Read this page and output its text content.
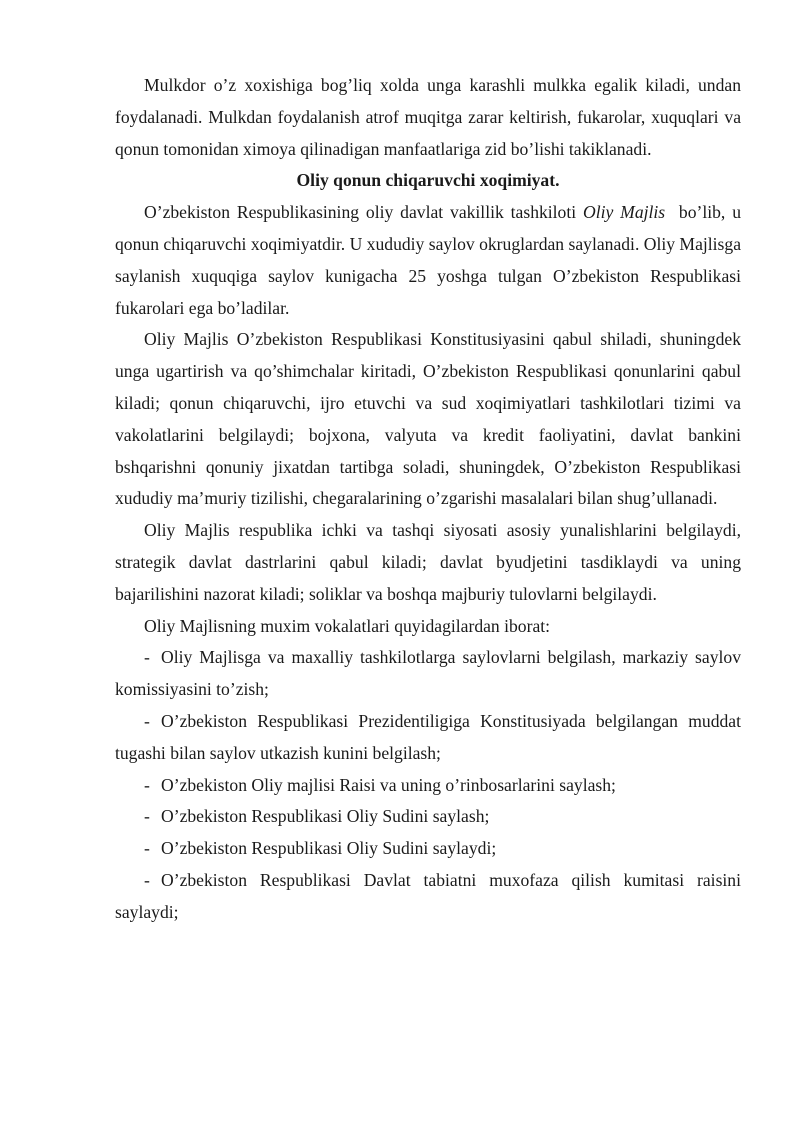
Mulkdor o’z xoxishiga bog’liq xolda unga karashli mulkka egalik kiladi, undan foydalanadi. Mulkdan foydalanish atrof muqitga zarar keltirish, fukarolar, xuquqlari va qonun tomonidan ximoya qilinadigan manfaatlariga zid bo’lishi takiklanadi.

Oliy qonun chiqaruvchi xoqimiyat.

O’zbekiston Respublikasining oliy davlat vakillik tashkiloti Oliy Majlis  bo’lib, u qonun chiqaruvchi xoqimiyatdir. U xududiy saylov okruglardan saylanadi. Oliy Majlisga saylanish xuquqiga saylov kunigacha 25 yoshga tulgan O’zbekiston Respublikasi fukarolari ega bo’ladilar.

Oliy Majlis O’zbekiston Respublikasi Konstitusiyasini qabul shiladi, shuningdek unga ugartirish va qo’shimchalar kiritadi, O’zbekiston Respublikasi qonunlarini qabul kiladi; qonun chiqaruvchi, ijro etuvchi va sud xoqimiyatlari tashkilotlari tizimi va vakolatlarini belgilaydi; bojxona, valyuta va kredit faoliyatini, davlat bankini bshqarishni qonuniy jixatdan tartibga soladi, shuningdek, O’zbekiston Respublikasi xududiy ma’muriy tizilishi, chegaralarining o’zgarishi masalalari bilan shug’ullanadi.

Oliy Majlis respublika ichki va tashqi siyosati asosiy yunalishlarini belgilaydi, strategik davlat dastrlarini qabul kiladi; davlat byudjetini tasdiklaydi va uning bajarilishini nazorat kiladi; soliklar va boshqa majburiy tulovlarni belgilaydi.

Oliy Majlisning muxim vokalatlari quyidagilardan iborat:

- Oliy Majlisga va maxalliy tashkilotlarga saylovlarni belgilash, markaziy saylov komissiyasini to’zish;

- O’zbekiston Respublikasi Prezidentiligiga Konstitusiyada belgilangan muddat tugashi bilan saylov utkazish kunini belgilash;

- O’zbekiston Oliy majlisi Raisi va uning o’rinbosarlarini saylash;

- O’zbekiston Respublikasi Oliy Sudini saylash;

- O’zbekiston Respublikasi Oliy Sudini saylaydi;

- O’zbekiston Respublikasi Davlat tabiatni muxofaza qilish kumitasi raisini saylaydi;
